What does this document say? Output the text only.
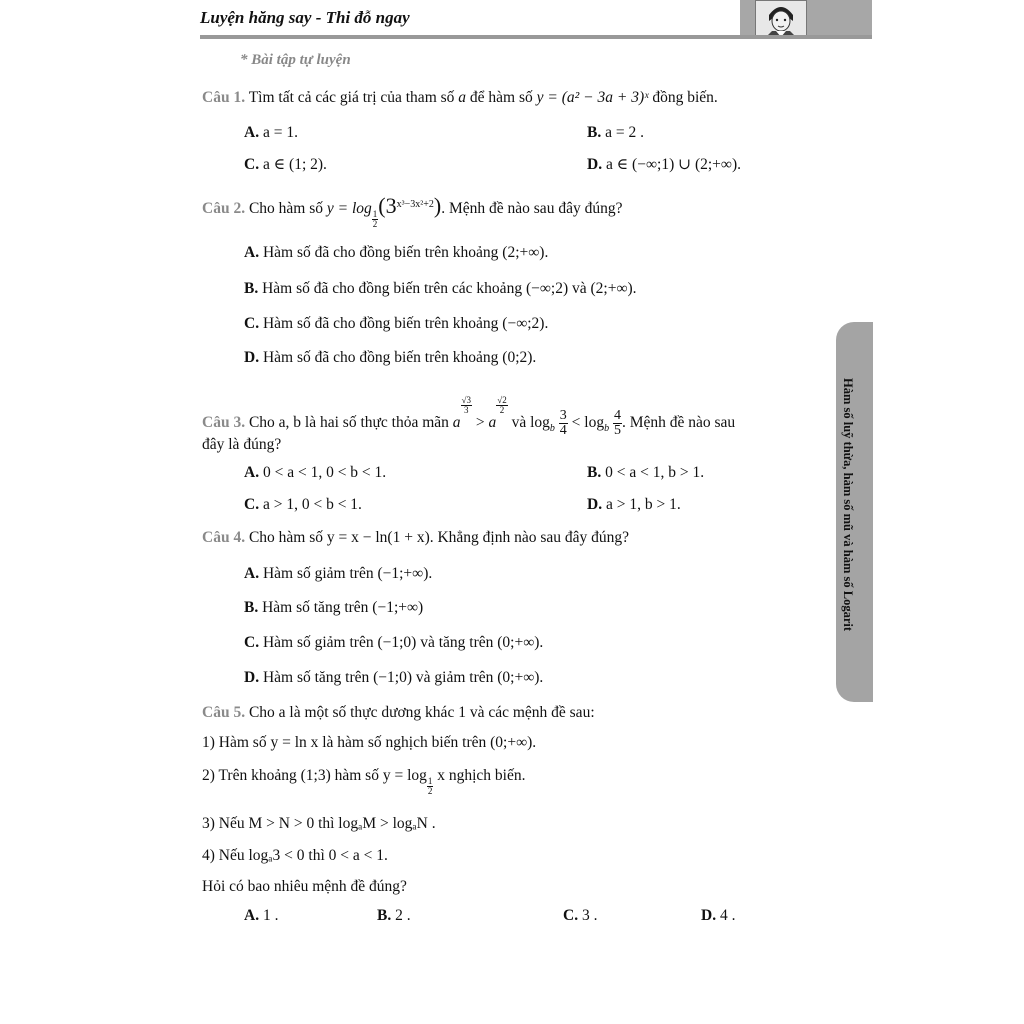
Luyện hăng say - Thi đỗ ngay
* Bài tập tự luyện
Hàm số luỹ thừa, hàm số mũ và hàm số Logarit
Câu 1. Tìm tất cả các giá trị của tham số a để hàm số y = (a² − 3a + 3)ˣ đồng biến.
A. a = 1.	B. a = 2 .
C. a ∈ (1; 2).	D. a ∈ (−∞;1) ∪ (2;+∞).
Câu 2. Cho hàm số y = log
$\frac{1}{2}$
$(3^{x^3-3x^2+2})$. Mệnh đề nào sau đây đúng?
A. Hàm số đã cho đồng biến trên khoảng (2;+∞).
B. Hàm số đã cho đồng biến trên các khoảng (−∞;2) và (2;+∞).
C. Hàm số đã cho đồng biến trên khoảng (−∞;2).
D. Hàm số đã cho đồng biến trên khoảng (0;2).
Câu 3. Cho a, b là hai số thực thỏa mãn a
$\frac{√3}{3}$
> a
$\frac{√2}{2}$
và $\log_b \frac{3}{4} < \log_b \frac{4}{5}$ . Mệnh đề nào sau
đây là đúng?
A. 0 < a < 1, 0 < b < 1.	B. 0 < a < 1, b > 1.
C. a > 1, 0 < b < 1.	D. a > 1, b > 1.
Câu 4. Cho hàm số y = x − ln(1 + x). Khẳng định nào sau đây đúng?
A. Hàm số giảm trên (−1;+∞).
B. Hàm số tăng trên (−1;+∞)
C. Hàm số giảm trên (−1;0) và tăng trên (0;+∞).
D. Hàm số tăng trên (−1;0) và giảm trên (0;+∞).
Câu 5. Cho a là một số thực dương khác 1 và các mệnh đề sau:
1) Hàm số y = ln x là hàm số nghịch biến trên (0;+∞).
2) Trên khoảng (1;3) hàm số y = log
$\frac{1}{2}$
x nghịch biến.
3) Nếu M > N > 0 thì logₐM > logₐN .
4) Nếu logₐ3 < 0 thì 0 < a < 1.
Hỏi có bao nhiêu mệnh đề đúng?
A. 1 .	B. 2 .	C. 3 .	D. 4 .
